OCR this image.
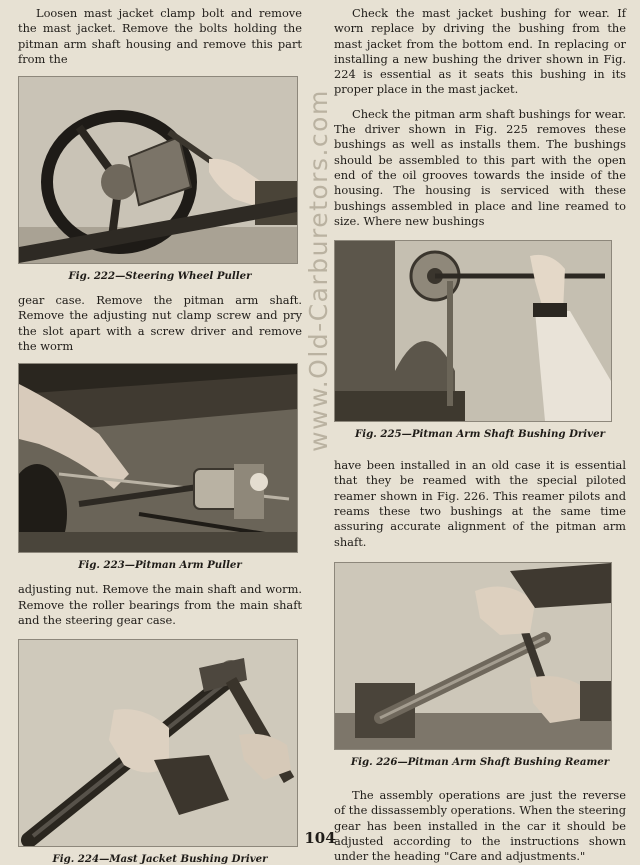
Loosen mast jacket clamp bolt and remove the mast jacket. Remove the bolts holding the pitman arm shaft housing and remove this part from the

Fig. 222—Steering Wheel Puller

gear case. Remove the pitman arm shaft. Remove the adjusting nut clamp screw and pry the slot apart with a screw driver and remove the worm

Fig. 223—Pitman Arm Puller

adjusting nut. Remove the main shaft and worm. Remove the roller bearings from the main shaft and the steering gear case.

Fig. 224—Mast Jacket Bushing Driver

www.Old-Carburetors.com

Check the mast jacket bushing for wear. If worn replace by driving the bushing from the mast jacket from the bottom end. In replacing or installing a new bushing the driver shown in Fig. 224 is essential as it seats this bushing in its proper place in the mast jacket.

Check the pitman arm shaft bushings for wear. The driver shown in Fig. 225 removes these bushings as well as installs them. The bushings should be assembled to this part with the open end of the oil grooves towards the inside of the housing. The housing is serviced with these bushings assembled in place and line reamed to size. Where new bushings

Fig. 225—Pitman Arm Shaft Bushing Driver

have been installed in an old case it is essential that they be reamed with the special piloted reamer shown in Fig. 226. This reamer pilots and reams these two bushings at the same time assuring accurate alignment of the pitman arm shaft.

Fig. 226—Pitman Arm Shaft Bushing Reamer

The assembly operations are just the reverse of the dissassembly operations. When the steering gear has been installed in the car it should be adjusted according to the instructions shown under the heading "Care and adjustments."

104
